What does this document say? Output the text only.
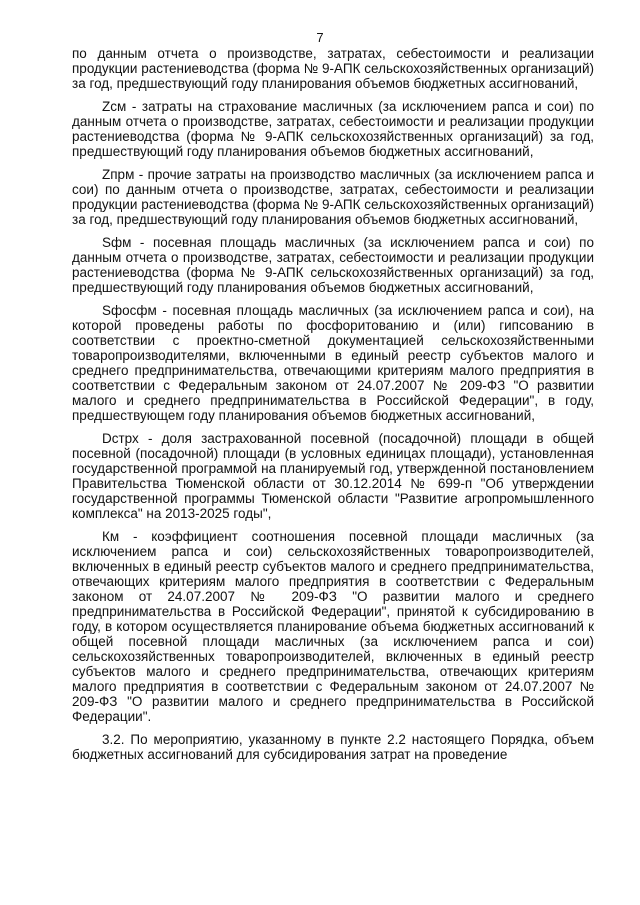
7

по данным отчета о производстве, затратах, себестоимости и реализации продукции растениеводства (форма № 9-АПК сельскохозяйственных организаций) за год, предшествующий году планирования объемов бюджетных ассигнований,

Zсм - затраты на страхование масличных (за исключением рапса и сои) по данным отчета о производстве, затратах, себестоимости и реализации продукции растениеводства (форма № 9-АПК сельскохозяйственных организаций) за год, предшествующий году планирования объемов бюджетных ассигнований,

Zпрм - прочие затраты на производство масличных (за исключением рапса и сои) по данным отчета о производстве, затратах, себестоимости и реализации продукции растениеводства (форма № 9-АПК сельскохозяйственных организаций) за год, предшествующий году планирования объемов бюджетных ассигнований,

Sфм - посевная площадь масличных (за исключением рапса и сои) по данным отчета о производстве, затратах, себестоимости и реализации продукции растениеводства (форма № 9-АПК сельскохозяйственных организаций) за год, предшествующий году планирования объемов бюджетных ассигнований,

Sфосфм - посевная площадь масличных (за исключением рапса и сои), на которой проведены работы по фосфоритованию и (или) гипсованию в соответствии с проектно-сметной документацией сельскохозяйственными товаропроизводителями, включенными в единый реестр субъектов малого и среднего предпринимательства, отвечающими критериям малого предприятия в соответствии с Федеральным законом от 24.07.2007 № 209-ФЗ "О развитии малого и среднего предпринимательства в Российской Федерации", в году, предшествующем году планирования объемов бюджетных ассигнований,

Dстрх - доля застрахованной посевной (посадочной) площади в общей посевной (посадочной) площади (в условных единицах площади), установленная государственной программой на планируемый год, утвержденной постановлением Правительства Тюменской области от 30.12.2014 № 699-п "Об утверждении государственной программы Тюменской области "Развитие агропромышленного комплекса" на 2013-2025 годы",

Км - коэффициент соотношения посевной площади масличных (за исключением рапса и сои) сельскохозяйственных товаропроизводителей, включенных в единый реестр субъектов малого и среднего предпринимательства, отвечающих критериям малого предприятия в соответствии с Федеральным законом от 24.07.2007 № 209-ФЗ "О развитии малого и среднего предпринимательства в Российской Федерации", принятой к субсидированию в году, в котором осуществляется планирование объема бюджетных ассигнований к общей посевной площади масличных (за исключением рапса и сои) сельскохозяйственных товаропроизводителей, включенных в единый реестр субъектов малого и среднего предпринимательства, отвечающих критериям малого предприятия в соответствии с Федеральным законом от 24.07.2007 № 209-ФЗ "О развитии малого и среднего предпринимательства в Российской Федерации".

3.2. По мероприятию, указанному в пункте 2.2 настоящего Порядка, объем бюджетных ассигнований для субсидирования затрат на проведение
